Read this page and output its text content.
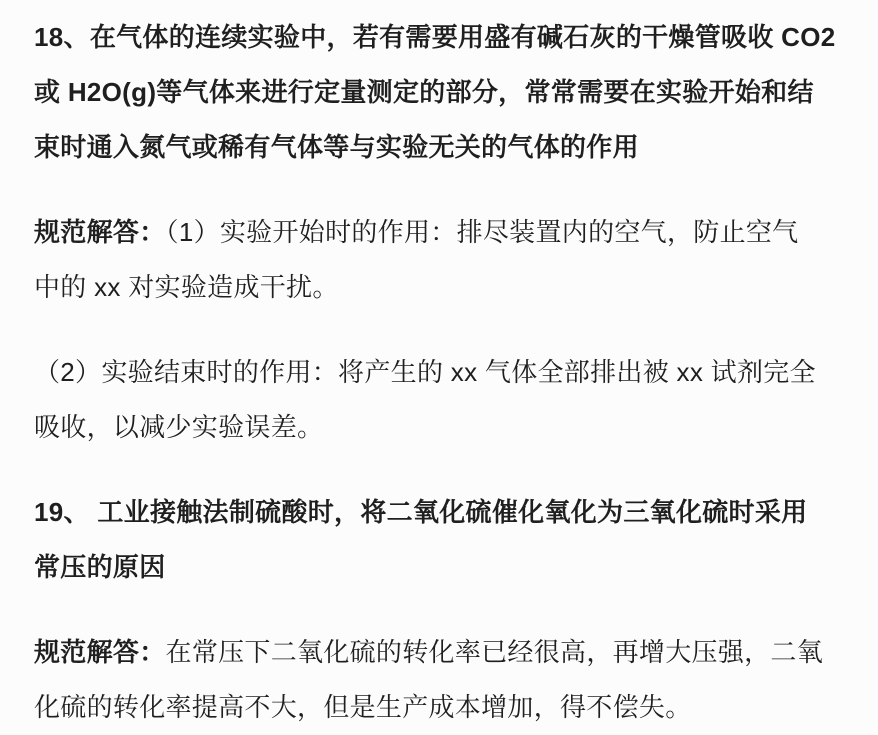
18、在气体的连续实验中，若有需要用盛有碱石灰的干燥管吸收 CO2
或 H2O(g)等气体来进行定量测定的部分，常常需要在实验开始和结
束时通入氮气或稀有气体等与实验无关的气体的作用
规范解答：（1）实验开始时的作用：排尽装置内的空气，防止空气
中的 xx 对实验造成干扰。
（2）实验结束时的作用：将产生的 xx 气体全部排出被 xx 试剂完全
吸收，以减少实验误差。
19、 工业接触法制硫酸时，将二氧化硫催化氧化为三氧化硫时采用
常压的原因
规范解答：在常压下二氧化硫的转化率已经很高，再增大压强，二氧
化硫的转化率提高不大，但是生产成本增加，得不偿失。
